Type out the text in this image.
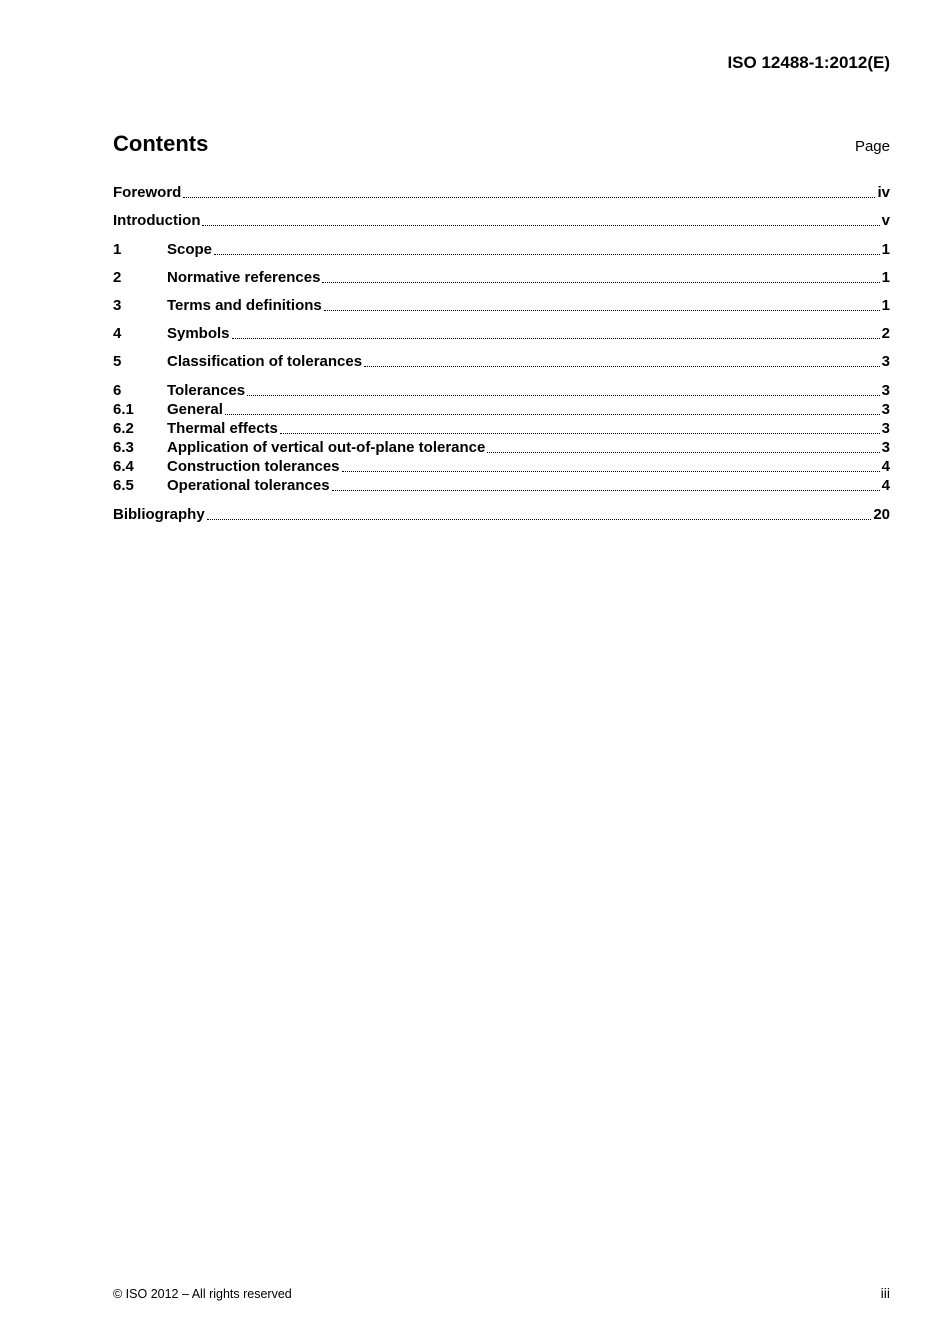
ISO 12488-1:2012(E)
Contents	Page
Foreword	iv
Introduction	v
1	Scope	1
2	Normative references	1
3	Terms and definitions	1
4	Symbols	2
5	Classification of tolerances	3
6	Tolerances	3
6.1	General	3
6.2	Thermal effects	3
6.3	Application of vertical out-of-plane tolerance	3
6.4	Construction tolerances	4
6.5	Operational tolerances	4
Bibliography	20
© ISO 2012 – All rights reserved	iii
